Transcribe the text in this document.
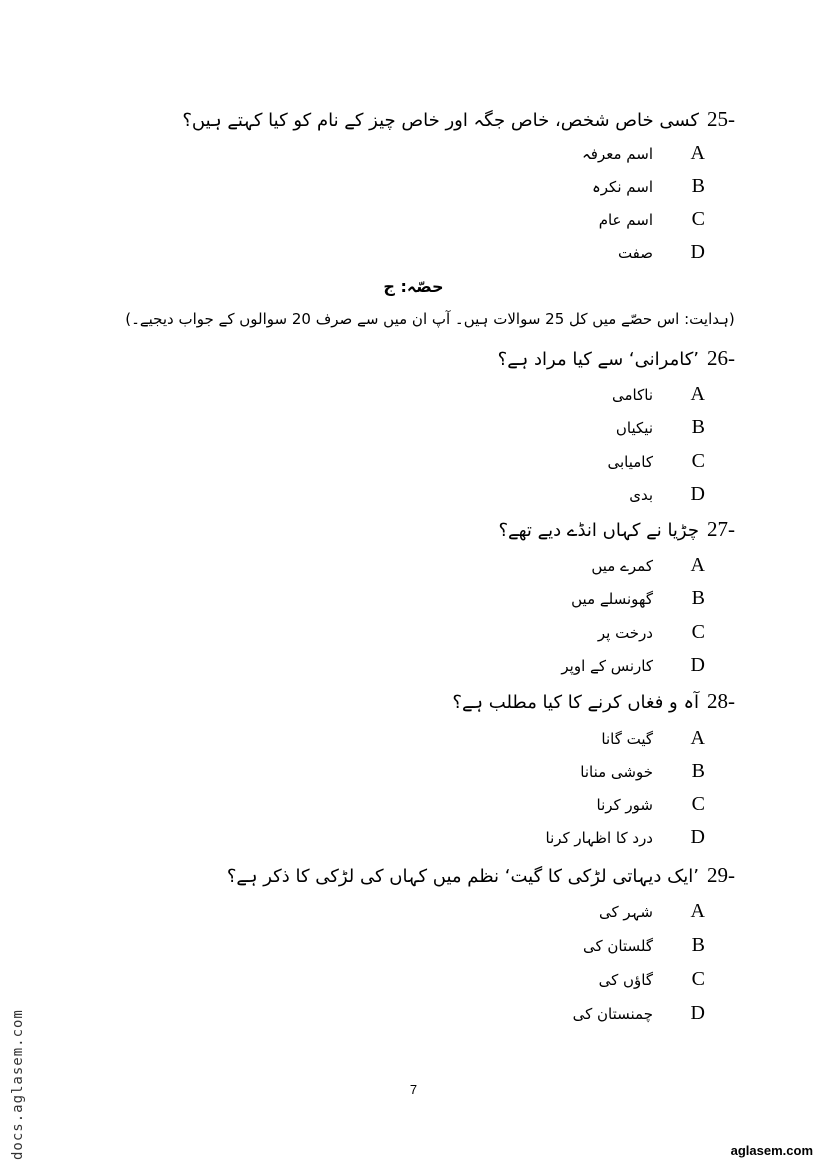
25-کسی خاص شخص، خاص جگہ اور خاص چیز کے نام کو کیا کہتے ہیں؟
Aاسم معرفہ
Bاسم نکرہ
Cاسم عام
Dصفت
حصّہ: ج
(ہدایت: اس حصّے میں کل 25 سوالات ہیں۔ آپ ان میں سے صرف 20 سوالوں کے جواب دیجیے۔)
26-’کامرانی‘ سے کیا مراد ہے؟
Aناکامی
Bنیکیاں
Cکامیابی
Dبدی
27-چڑیا نے کہاں انڈے دیے تھے؟
Aکمرے میں
Bگھونسلے میں
Cدرخت پر
Dکارنس کے اوپر
28-آہ و فغاں کرنے کا کیا مطلب ہے؟
Aگیت گانا
Bخوشی منانا
Cشور کرنا
Dدرد کا اظہار کرنا
29-’ایک دیہاتی لڑکی کا گیت‘ نظم میں کہاں کی لڑکی کا ذکر ہے؟
Aشہر کی
Bگلستان کی
Cگاؤں کی
Dچمنستان کی
7
docs.aglasem.com	aglasem.com
